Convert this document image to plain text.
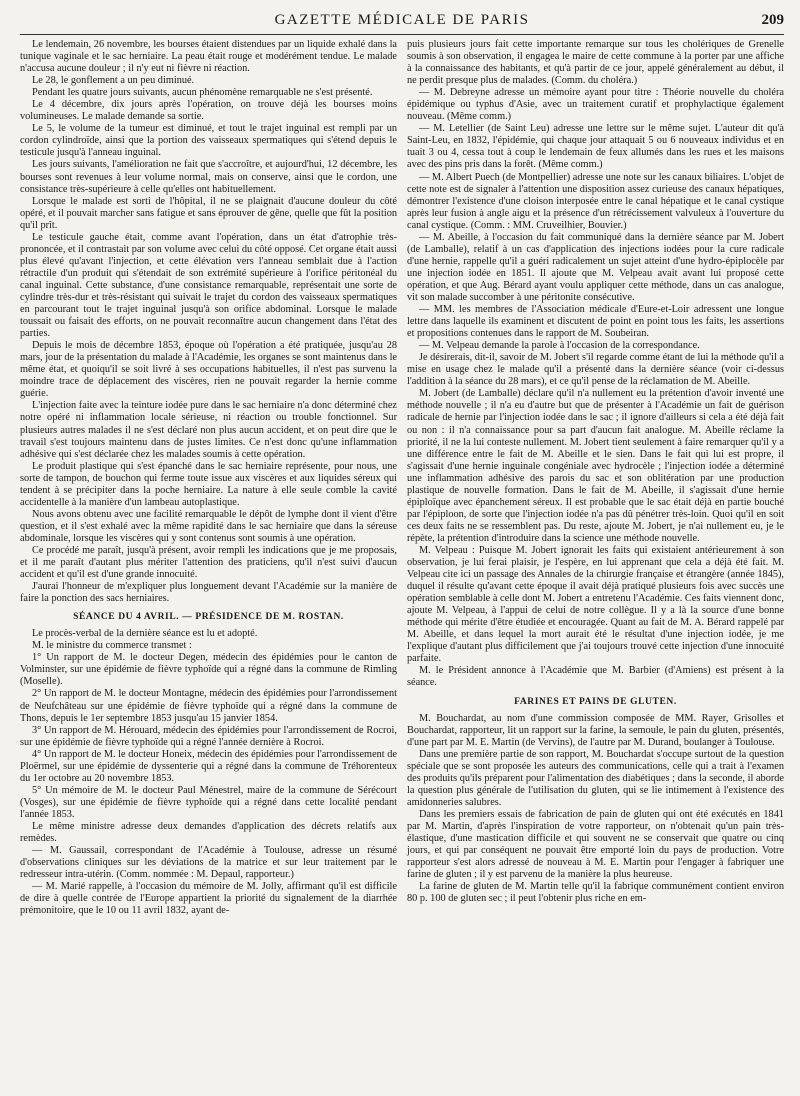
GAZETTE MÉDICALE DE PARIS	209

Le lendemain, 26 novembre, les bourses étaient distendues par un liquide exhalé dans la tunique vaginale et le sac herniaire. La peau était rouge et modérément tendue. Le malade n'accusa aucune douleur ; il n'y eut ni fièvre ni réaction.

Le 28, le gonflement a un peu diminué.

Pendant les quatre jours suivants, aucun phénomène remarquable ne s'est présenté.

Le 4 décembre, dix jours après l'opération, on trouve déjà les bourses moins volumineuses. Le malade demande sa sortie.

Le 5, le volume de la tumeur est diminué, et tout le trajet inguinal est rempli par un cordon cylindroïde, ainsi que la portion des vaisseaux spermatiques qui s'étend depuis le testicule jusqu'à l'anneau inguinal.

Les jours suivants, l'amélioration ne fait que s'accroître, et aujourd'hui, 12 décembre, les bourses sont revenues à leur volume normal, mais on conserve, ainsi que le cordon, une consistance très-supérieure à celle qu'elles ont habituellement.

Lorsque le malade est sorti de l'hôpital, il ne se plaignait d'aucune douleur du côté opéré, et il pouvait marcher sans fatigue et sans éprouver de gêne, quelle que fût la position qu'il prît.

Le testicule gauche était, comme avant l'opération, dans un état d'atrophie très-prononcée, et il contrastait par son volume avec celui du côté opposé. Cet organe était aussi plus élevé qu'avant l'injection, et cette élévation vers l'anneau semblait due à l'action rétractile d'un produit qui s'étendait de son extrémité supérieure à l'orifice péritonéal du canal inguinal. Cette substance, d'une consistance remarquable, représentait une sorte de cylindre très-dur et très-résistant qui suivait le trajet du cordon des vaisseaux spermatiques en parcourant tout le trajet inguinal jusqu'à son orifice abdominal. Lorsque le malade toussait ou faisait des efforts, on ne pouvait reconnaître aucun changement dans l'état des parties.

Depuis le mois de décembre 1853, époque où l'opération a été pratiquée, jusqu'au 28 mars, jour de la présentation du malade à l'Académie, les organes se sont maintenus dans le même état, et quoiqu'il se soit livré à ses occupations habituelles, il n'est pas survenu la moindre trace de déplacement des viscères, rien ne pouvait regarder la hernie comme guérie.

L'injection faite avec la teinture iodée pure dans le sac herniaire n'a donc déterminé chez notre opéré ni inflammation locale sérieuse, ni réaction ou trouble fonctionnel. Sur plusieurs autres malades il ne s'est déclaré non plus aucun accident, et on peut dire que le travail s'est toujours maintenu dans de justes limites. Ce n'est donc qu'une inflammation adhésive qui s'est déclarée chez les malades soumis à cette opération.

Le produit plastique qui s'est épanché dans le sac herniaire représente, pour nous, une sorte de tampon, de bouchon qui ferme toute issue aux viscères et aux liquides séreux qui tendent à se précipiter dans la poche herniaire. La nature à elle seule comble la cavité accidentelle à la manière d'un lambeau autoplastique.

Nous avons obtenu avec une facilité remarquable le dépôt de lymphe dont il vient d'être question, et il s'est exhalé avec la même rapidité dans le sac herniaire que dans la séreuse abdominale, lorsque les viscères qui y sont contenus sont soumis à une opération.

Ce procédé me paraît, jusqu'à présent, avoir rempli les indications que je me proposais, et il me paraît d'autant plus mériter l'attention des praticiens, qu'il n'est suivi d'aucun accident et qu'il est d'une grande innocuité.

J'aurai l'honneur de m'expliquer plus longuement devant l'Académie sur la manière de faire la ponction des sacs herniaires.

SÉANCE DU 4 AVRIL. — PRÉSIDENCE DE M. ROSTAN.

Le procès-verbal de la dernière séance est lu et adopté.

M. le ministre du commerce transmet :

1° Un rapport de M. le docteur Degen, médecin des épidémies pour le canton de Volminster, sur une épidémie de fièvre typhoïde qui a régné dans la commune de Rimling (Moselle).

2° Un rapport de M. le docteur Montagne, médecin des épidémies pour l'arrondissement de Neufchâteau sur une épidémie de fièvre typhoïde qui a régné dans la commune de Thons, depuis le 1er septembre 1853 jusqu'au 15 janvier 1854.

3° Un rapport de M. Hérouard, médecin des épidémies pour l'arrondissement de Rocroi, sur une épidémie de fièvre typhoïde qui a régné l'année dernière à Rocroi.

4° Un rapport de M. le docteur Honeix, médecin des épidémies pour l'arrondissement de Ploërmel, sur une épidémie de dyssenterie qui a régné dans la commune de Tréhorenteux du 1er octobre au 20 novembre 1853.

5° Un mémoire de M. le docteur Paul Ménestrel, maire de la commune de Sérécourt (Vosges), sur une épidémie de fièvre typhoïde qui a régné dans cette localité pendant l'année 1853.

Le même ministre adresse deux demandes d'application des décrets relatifs aux remèdes.

— M. Gaussail, correspondant de l'Académie à Toulouse, adresse un résumé d'observations cliniques sur les déviations de la matrice et sur leur traitement par le redresseur intra-utérin. (Comm. nommée : M. Depaul, rapporteur.)

— M. Marié rappelle, à l'occasion du mémoire de M. Jolly, affirmant qu'il est difficile de dire à quelle contrée de l'Europe appartient la priorité du signalement de la diarrhée prémonitoire, que le 10 ou 11 avril 1832, ayant de-

puis plusieurs jours fait cette importante remarque sur tous les cholériques de Grenelle soumis à son observation, il engagea le maire de cette commune à la porter par une affiche à la connaissance des habitants, et qu'à partir de ce jour, appelé généralement au début, il ne perdit presque plus de malades. (Comm. du choléra.)

— M. Debreyne adresse un mémoire ayant pour titre : Théorie nouvelle du choléra épidémique ou typhus d'Asie, avec un traitement curatif et prophylactique également nouveau. (Même comm.)

— M. Letellier (de Saint Leu) adresse une lettre sur le même sujet. L'auteur dit qu'à Saint-Leu, en 1832, l'épidémie, qui chaque jour attaquait 5 ou 6 nouveaux individus et en tuait 3 ou 4, cessa tout à coup le lendemain de feux allumés dans les rues et les maisons avec des pins pris dans la forêt. (Même comm.)

— M. Albert Puech (de Montpellier) adresse une note sur les canaux biliaires. L'objet de cette note est de signaler à l'attention une disposition assez curieuse des canaux hépatiques, démontrer l'existence d'une cloison interposée entre le canal hépatique et le canal cystique après leur fusion à angle aigu et la présence d'un rétrécissement valvuleux à l'ouverture du canal cystique. (Comm. : MM. Cruveilhier, Bouvier.)

— M. Abeille, à l'occasion du fait communiqué dans la dernière séance par M. Jobert (de Lamballe), relatif à un cas d'application des injections iodées pour la cure radicale d'une hernie, rappelle qu'il a guéri radicalement un sujet atteint d'une hydro-épiplocèle par une injection iodée en 1851. Il ajoute que M. Velpeau avait avant lui proposé cette opération, et que Aug. Bérard ayant voulu appliquer cette méthode, dans un cas analogue, vit son malade succomber à une péritonite consécutive.

— MM. les membres de l'Association médicale d'Eure-et-Loir adressent une longue lettre dans laquelle ils examinent et discutent de point en point tous les faits, les assertions et propositions contenues dans le rapport de M. Soubeiran.

— M. Velpeau demande la parole à l'occasion de la correspondance.

Je désirerais, dit-il, savoir de M. Jobert s'il regarde comme étant de lui la méthode qu'il a mise en usage chez le malade qu'il a présenté dans la dernière séance (voir ci-dessus l'addition à la séance du 28 mars), et ce qu'il pense de la réclamation de M. Abeille.

M. Jobert (de Lamballe) déclare qu'il n'a nullement eu la prétention d'avoir inventé une méthode nouvelle ; il n'a eu d'autre but que de présenter à l'Académie un fait de guérison radicale de hernie par l'injection iodée dans le sac ; il ignore d'ailleurs si cela a été déjà fait ou non : il n'a connaissance pour sa part d'aucun fait analogue. M. Abeille réclame la priorité, il ne la lui conteste nullement. M. Jobert tient seulement à faire remarquer qu'il y a une différence entre le fait de M. Abeille et le sien. Dans le fait qui lui est propre, il s'agissait d'une hernie inguinale congéniale avec hydrocèle ; l'injection iodée a déterminé une inflammation adhésive des parois du sac et son oblitération par une production plastique de nouvelle formation. Dans le fait de M. Abeille, il s'agissait d'une hernie épiploïque avec épanchement séreux. Il est probable que le sac était déjà en partie bouché par l'épiploon, de sorte que l'injection iodée n'a pas dû pénétrer très-loin. Quoi qu'il en soit ces deux faits ne se ressemblent pas. Du reste, ajoute M. Jobert, je n'ai nullement eu, je le répète, la prétention d'introduire dans la science une méthode nouvelle.

M. Velpeau : Puisque M. Jobert ignorait les faits qui existaient antérieurement à son observation, je lui ferai plaisir, je l'espère, en lui apprenant que cela a déjà été fait. M. Velpeau cite ici un passage des Annales de la chirurgie française et étrangère (année 1845), duquel il résulte qu'avant cette époque il avait déjà pratiqué plusieurs fois avec succès une opération semblable à celle dont M. Jobert a entretenu l'Académie. Ces faits viennent donc, ajoute M. Velpeau, à l'appui de celui de notre collègue. Il y a là la source d'une bonne méthode qui mérite d'être étudiée et encouragée. Quant au fait de M. A. Bérard rappelé par M. Abeille, et dans lequel la mort aurait été le résultat d'une injection iodée, je me l'explique d'autant plus difficilement que j'ai toujours trouvé cette injection d'une innocuité parfaite.

M. le Président annonce à l'Académie que M. Barbier (d'Amiens) est présent à la séance.

FARINES ET PAINS DE GLUTEN.

M. Bouchardat, au nom d'une commission composée de MM. Rayer, Grisolles et Bouchardat, rapporteur, lit un rapport sur la farine, la semoule, le pain du gluten, présentés, d'une part par M. E. Martin (de Vervins), de l'autre par M. Durand, boulanger à Toulouse.

Dans une première partie de son rapport, M. Bouchardat s'occupe surtout de la question spéciale que se sont proposée les auteurs des communications, celle qui a trait à l'examen des produits qu'ils préparent pour l'alimentation des diabétiques ; dans la seconde, il aborde la question plus générale de l'utilisation du gluten, qui se lie intimement à l'existence des amidonneries salubres.

Dans les premiers essais de fabrication de pain de gluten qui ont été exécutés en 1841 par M. Martin, d'après l'inspiration de votre rapporteur, on n'obtenait qu'un pain très-élastique, d'une mastication difficile et qui souvent ne se conservait que quatre ou cinq jours, et qui par conséquent ne pouvait être emporté loin du pays de production. Votre rapporteur s'est alors adressé de nouveau à M. E. Martin pour l'engager à fabriquer une farine de gluten ; il y est parvenu de la manière la plus heureuse.

La farine de gluten de M. Martin telle qu'il la fabrique communément contient environ 80 p. 100 de gluten sec ; il peut l'obtenir plus riche en em-
